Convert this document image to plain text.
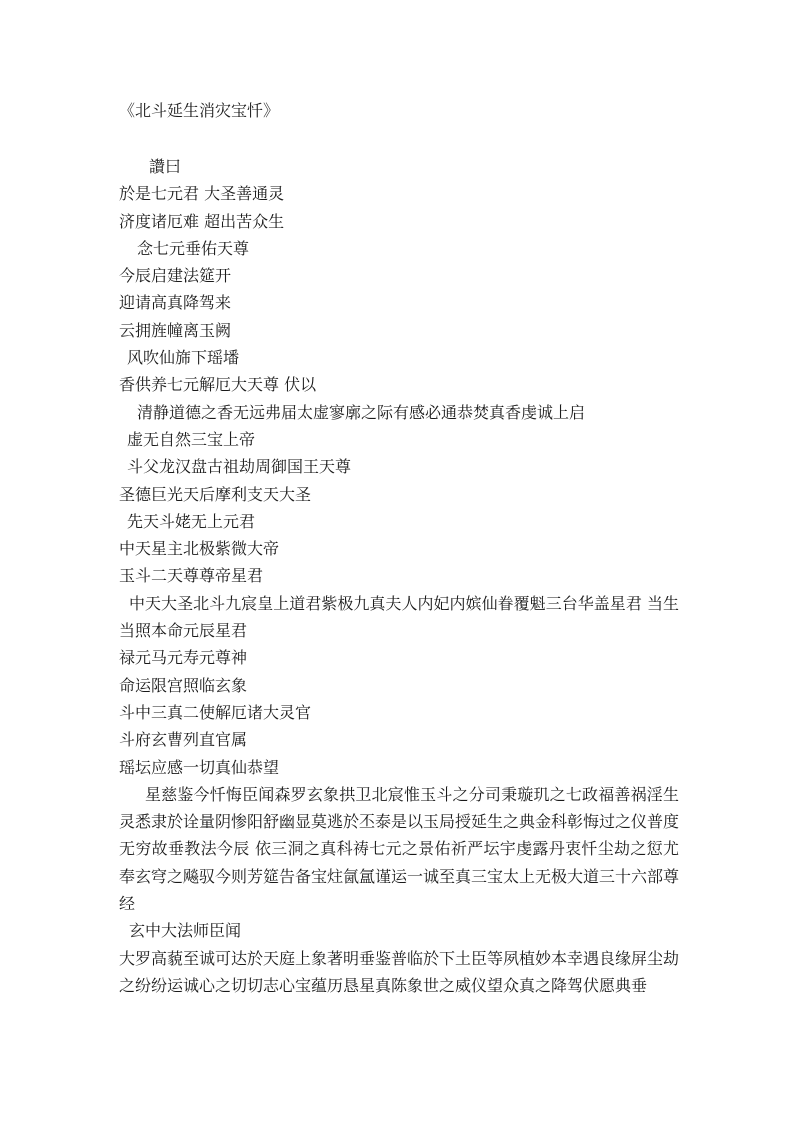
《北斗延生消灾宝忏》
讚曰
於是七元君 大圣善通灵
济度诸厄难 超出苦众生
念七元垂佑天尊
今辰启建法筵开
迎请高真降驾来
云拥旌幢离玉阙
风吹仙旆下瑶墦
香供养七元解厄大天尊 伏以
清静道德之香无远弗届太虚寥廓之际有感必通恭焚真香虔诚上启
虚无自然三宝上帝
斗父龙汉盘古祖劫周御国王天尊
圣德巨光天后摩利支天大圣
先天斗姥无上元君
中天星主北极紫微大帝
玉斗二天尊尊帝星君
中天大圣北斗九宸皇上道君紫极九真夫人内妃内嫔仙眷覆魁三台华盖星君 当生当照本命元辰星君
禄元马元寿元尊神
命运限宫照临玄象
斗中三真二使解厄诸大灵官
斗府玄曹列直官属
瑶坛应感一切真仙恭望
星慈鉴今忏悔臣闻森罗玄象拱卫北宸惟玉斗之分司秉璇玑之七政福善祸淫生灵悉隶於诠量阴惨阳舒幽显莫逃於丕泰是以玉局授延生之典金科彰悔过之仪普度无穷故垂教法今辰 依三洞之真科祷七元之景佑祈严坛宇虔露丹衷忏尘劫之愆尤奉玄穹之飚驭今则芳筵告备宝炷氤氲谨运一诚至真三宝太上无极大道三十六部尊经
玄中大法师臣闻
大罗高藐至诚可达於天庭上象著明垂鉴普临於下土臣等夙植妙本幸遇良缘屏尘劫之纷纷运诚心之切切志心宝蕴历恳星真陈象世之威仪望众真之降驾伏愿典垂
